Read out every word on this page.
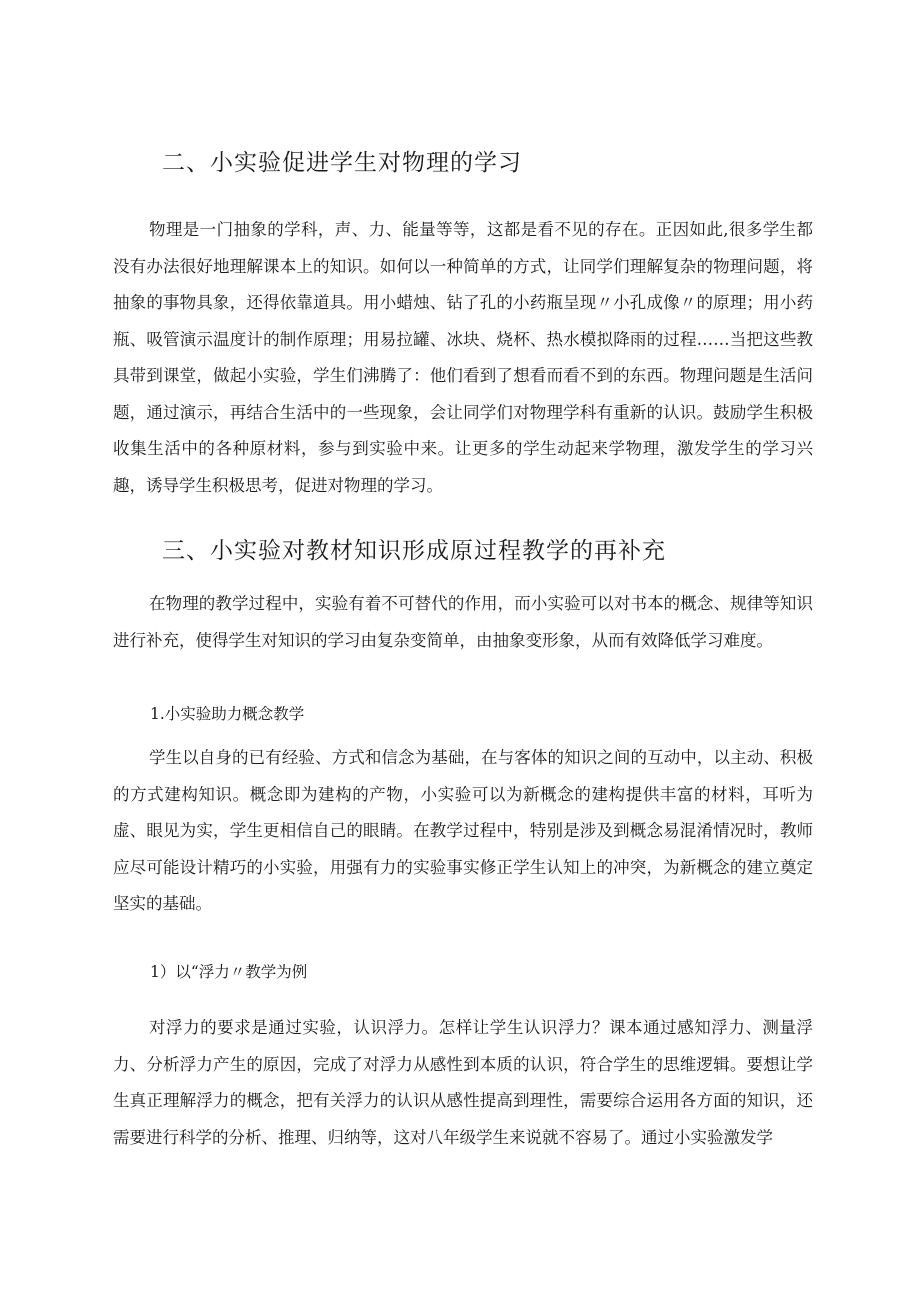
二、小实验促进学生对物理的学习
物理是一门抽象的学科，声、力、能量等等，这都是看不见的存在。正因如此,很多学生都没有办法很好地理解课本上的知识。如何以一种简单的方式，让同学们理解复杂的物理问题，将抽象的事物具象，还得依靠道具。用小蜡烛、钻了孔的小药瓶呈现〃小孔成像〃的原理；用小药瓶、吸管演示温度计的制作原理；用易拉罐、冰块、烧杯、热水模拟降雨的过程……当把这些教具带到课堂，做起小实验，学生们沸腾了：他们看到了想看而看不到的东西。物理问题是生活问题，通过演示，再结合生活中的一些现象，会让同学们对物理学科有重新的认识。鼓励学生积极收集生活中的各种原材料，参与到实验中来。让更多的学生动起来学物理，激发学生的学习兴趣，诱导学生积极思考，促进对物理的学习。
三、小实验对教材知识形成原过程教学的再补充
在物理的教学过程中，实验有着不可替代的作用，而小实验可以对书本的概念、规律等知识进行补充，使得学生对知识的学习由复杂变简单，由抽象变形象，从而有效降低学习难度。
1.小实验助力概念教学
学生以自身的已有经验、方式和信念为基础，在与客体的知识之间的互动中，以主动、积极的方式建构知识。概念即为建构的产物，小实验可以为新概念的建构提供丰富的材料，耳听为虚、眼见为实，学生更相信自己的眼睛。在教学过程中，特别是涉及到概念易混淆情况时，教师应尽可能设计精巧的小实验，用强有力的实验事实修正学生认知上的冲突，为新概念的建立奠定坚实的基础。
1）以“浮力〃教学为例
对浮力的要求是通过实验，认识浮力。怎样让学生认识浮力？课本通过感知浮力、测量浮力、分析浮力产生的原因，完成了对浮力从感性到本质的认识，符合学生的思维逻辑。要想让学生真正理解浮力的概念，把有关浮力的认识从感性提高到理性，需要综合运用各方面的知识，还需要进行科学的分析、推理、归纳等，这对八年级学生来说就不容易了。通过小实验激发学
